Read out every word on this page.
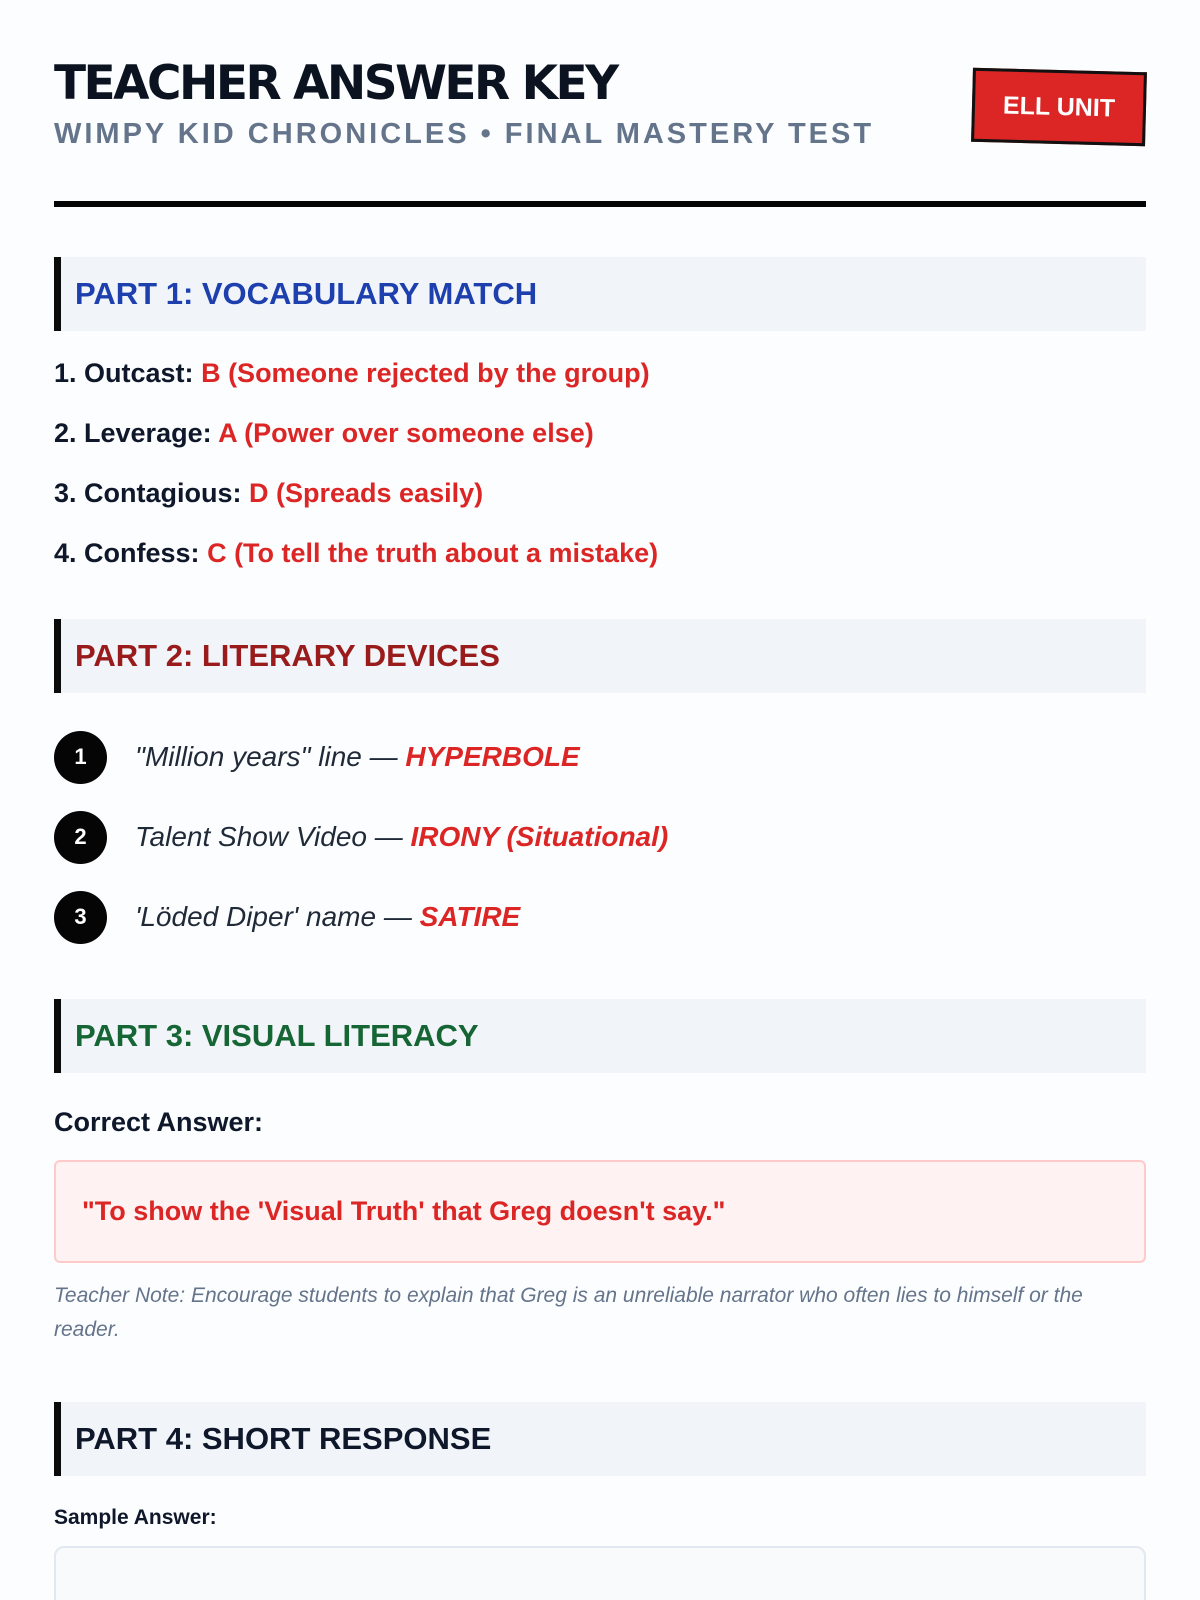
TEACHER ANSWER KEY
WIMPY KID CHRONICLES • FINAL MASTERY TEST
ELL UNIT
PART 1: VOCABULARY MATCH
1. Outcast: B (Someone rejected by the group)
2. Leverage: A (Power over someone else)
3. Contagious: D (Spreads easily)
4. Confess: C (To tell the truth about a mistake)
PART 2: LITERARY DEVICES
1	"Million years" line — HYPERBOLE
2	Talent Show Video — IRONY (Situational)
3	'Löded Diper' name — SATIRE
PART 3: VISUAL LITERACY
Correct Answer:
"To show the 'Visual Truth' that Greg doesn't say."
Teacher Note: Encourage students to explain that Greg is an unreliable narrator who often lies to himself or the reader.
PART 4: SHORT RESPONSE
Sample Answer:
